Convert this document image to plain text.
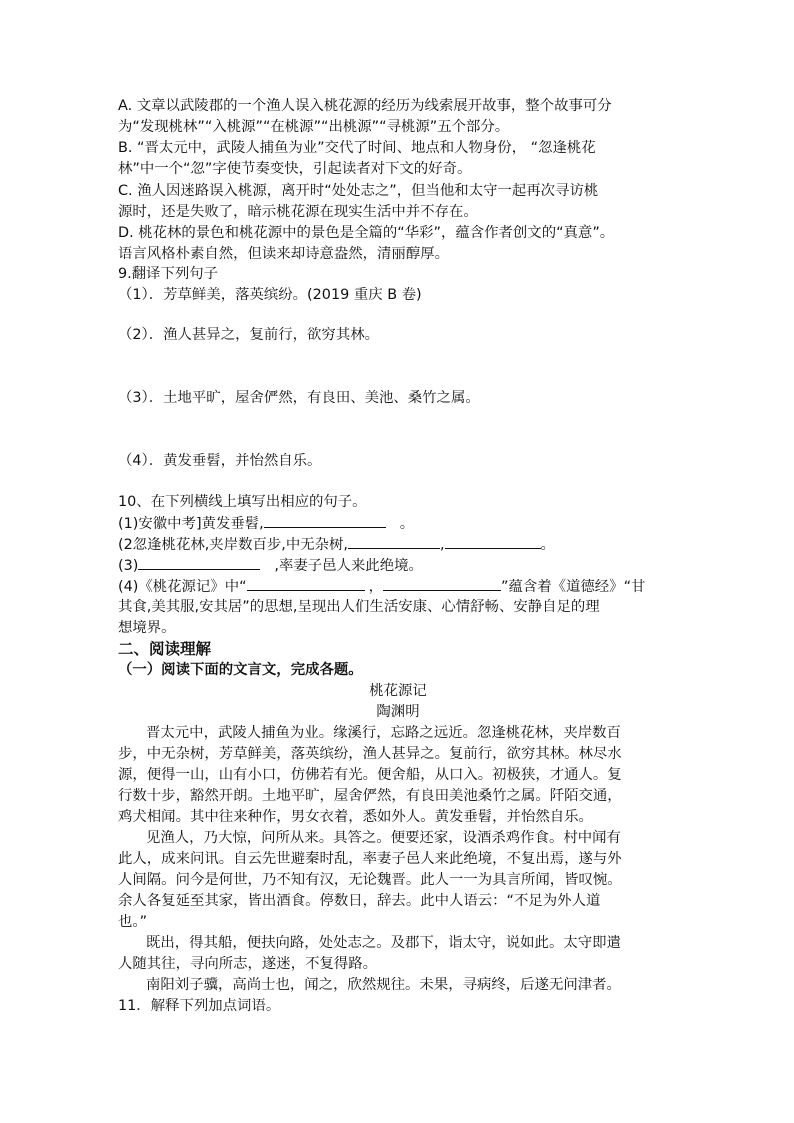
A. 文章以武陵郡的一个渔人误入桃花源的经历为线索展开故事，整个故事可分
为“发现桃林”“入桃源”“在桃源”“出桃源”“寻桃源”五个部分。
B. “晋太元中，武陵人捕鱼为业”交代了时间、地点和人物身份， “忽逢桃花
林”中一个“忽”字使节奏变快，引起读者对下文的好奇。
C. 渔人因迷路误入桃源，离开时“处处志之”，但当他和太守一起再次寻访桃
源时，还是失败了，暗示桃花源在现实生活中并不存在。
D. 桃花林的景色和桃花源中的景色是全篇的“华彩”，蕴含作者创文的“真意”。
语言风格朴素自然，但读来却诗意盎然，清丽醇厚。
9.翻译下列句子
（1）．芳草鲜美，落英缤纷。(2019 重庆 B 卷)
（2）．渔人甚异之，复前行，欲穷其林。
（3）．土地平旷，屋舍俨然，有良田、美池、桑竹之属。
（4）．黄发垂髫，并怡然自乐。
10、在下列横线上填写出相应的句子。
(1)安徽中考]黄发垂髫,	。
(2忽逢桃花林,夹岸数百步,中无杂树,	,	。
(3)	,率妻子邑人来此绝境。
(4)《桃花源记》中“	，	”蕴含着《道德经》“甘
其食,美其服,安其居”的思想,呈现出人们生活安康、心情舒畅、安静自足的理
想境界。
二、阅读理解
（一）阅读下面的文言文，完成各题。
桃花源记
陶渊明
晋太元中，武陵人捕鱼为业。缘溪行，忘路之远近。忽逢桃花林，夹岸数百
步，中无杂树，芳草鲜美，落英缤纷，渔人甚异之。复前行，欲穷其林。林尽水
源，便得一山，山有小口，仿佛若有光。便舍船，从口入。初极狭，才通人。复
行数十步，豁然开朗。土地平旷，屋舍俨然，有良田美池桑竹之属。阡陌交通，
鸡犬相闻。其中往来种作，男女衣着，悉如外人。黄发垂髫，并怡然自乐。
见渔人，乃大惊，问所从来。具答之。便要还家，设酒杀鸡作食。村中闻有
此人，成来问讯。自云先世避秦时乱，率妻子邑人来此绝境，不复出焉，遂与外
人间隔。问今是何世，乃不知有汉，无论魏晋。此人一一为具言所闻，皆叹惋。
余人各复延至其家，皆出酒食。停数日，辞去。此中人语云：“不足为外人道
也。”
既出，得其船，便扶向路，处处志之。及郡下，诣太守，说如此。太守即遣
人随其往，寻向所志，遂迷，不复得路。
南阳刘子骥，高尚士也，闻之，欣然规往。未果，寻病终，后遂无问津者。
11．解释下列加点词语。
